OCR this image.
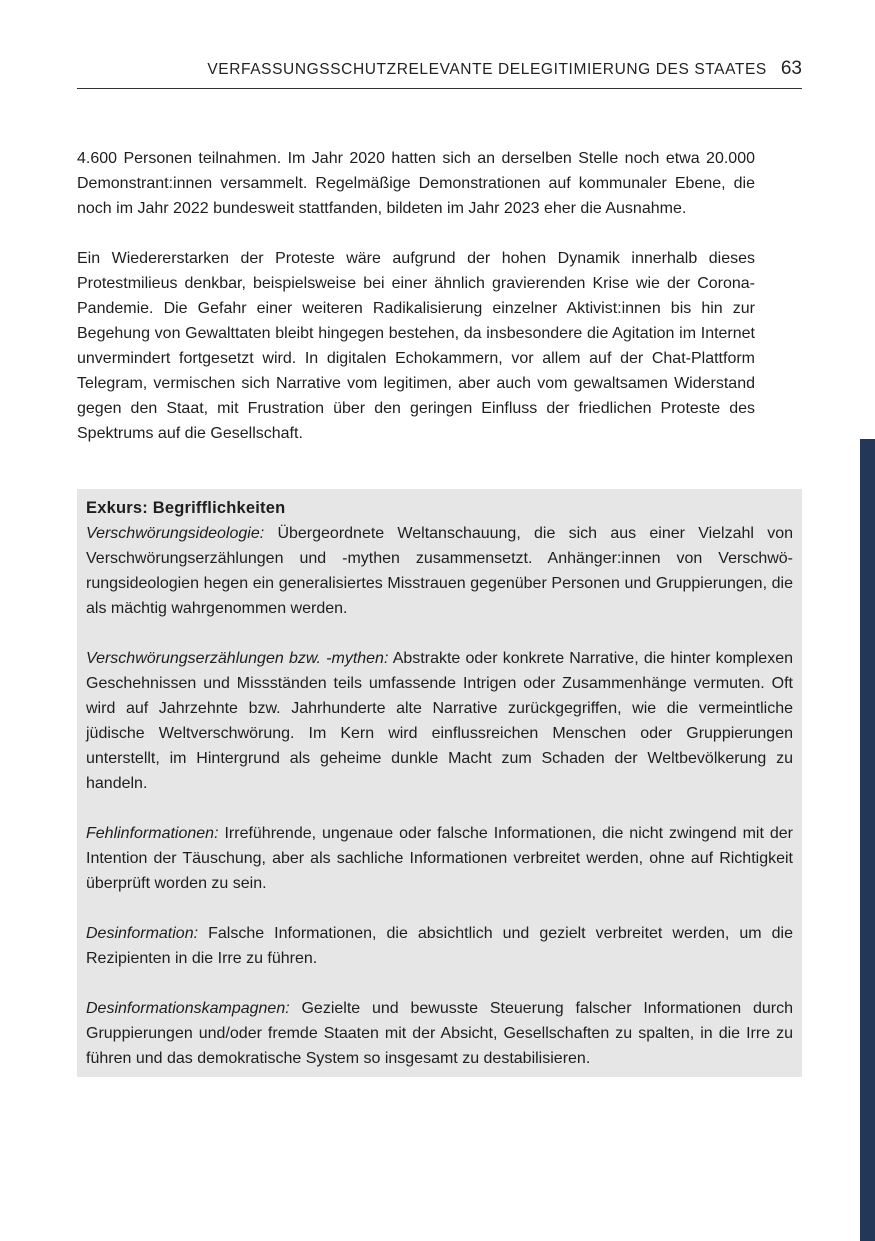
VERFASSUNGSSCHUTZRELEVANTE DELEGITIMIERUNG DES STAATES 63

4.600 Personen teilnahmen. Im Jahr 2020 hatten sich an derselben Stelle noch etwa 20.000 Demonstrant:innen versammelt. Regelmäßige Demonstrationen auf kommunaler Ebene, die noch im Jahr 2022 bundesweit stattfanden, bildeten im Jahr 2023 eher die Ausnahme.

Ein Wiedererstarken der Proteste wäre aufgrund der hohen Dynamik innerhalb dieses Protestmilieus denkbar, beispielsweise bei einer ähnlich gravierenden Krise wie der Corona-Pandemie. Die Gefahr einer weiteren Radikalisierung einzelner Aktivist:innen bis hin zur Begehung von Gewalttaten bleibt hingegen bestehen, da insbesondere die Agitation im Internet unvermindert fortgesetzt wird. In digitalen Echokammern, vor allem auf der Chat-Plattform Telegram, vermischen sich Narrative vom legitimen, aber auch vom gewaltsamen Widerstand gegen den Staat, mit Frustration über den geringen Einfluss der friedlichen Proteste des Spektrums auf die Gesellschaft.

Exkurs: Begrifflichkeiten

Verschwörungsideologie: Übergeordnete Weltanschauung, die sich aus einer Vielzahl von Verschwörungserzählungen und -mythen zusammensetzt. Anhänger:innen von Verschwörungsideologien hegen ein generalisiertes Misstrauen gegenüber Personen und Gruppierungen, die als mächtig wahrgenommen werden.

Verschwörungserzählungen bzw. -mythen: Abstrakte oder konkrete Narrative, die hinter komplexen Geschehnissen und Missständen teils umfassende Intrigen oder Zusammenhänge vermuten. Oft wird auf Jahrzehnte bzw. Jahrhunderte alte Narrative zurückgegriffen, wie die vermeintliche jüdische Weltverschwörung. Im Kern wird einflussreichen Menschen oder Gruppierungen unterstellt, im Hintergrund als geheime dunkle Macht zum Schaden der Weltbevölkerung zu handeln.

Fehlinformationen: Irreführende, ungenaue oder falsche Informationen, die nicht zwingend mit der Intention der Täuschung, aber als sachliche Informationen verbreitet werden, ohne auf Richtigkeit überprüft worden zu sein.

Desinformation: Falsche Informationen, die absichtlich und gezielt verbreitet werden, um die Rezipienten in die Irre zu führen.

Desinformationskampagnen: Gezielte und bewusste Steuerung falscher Informationen durch Gruppierungen und/oder fremde Staaten mit der Absicht, Gesellschaften zu spalten, in die Irre zu führen und das demokratische System so insgesamt zu destabilisieren.
